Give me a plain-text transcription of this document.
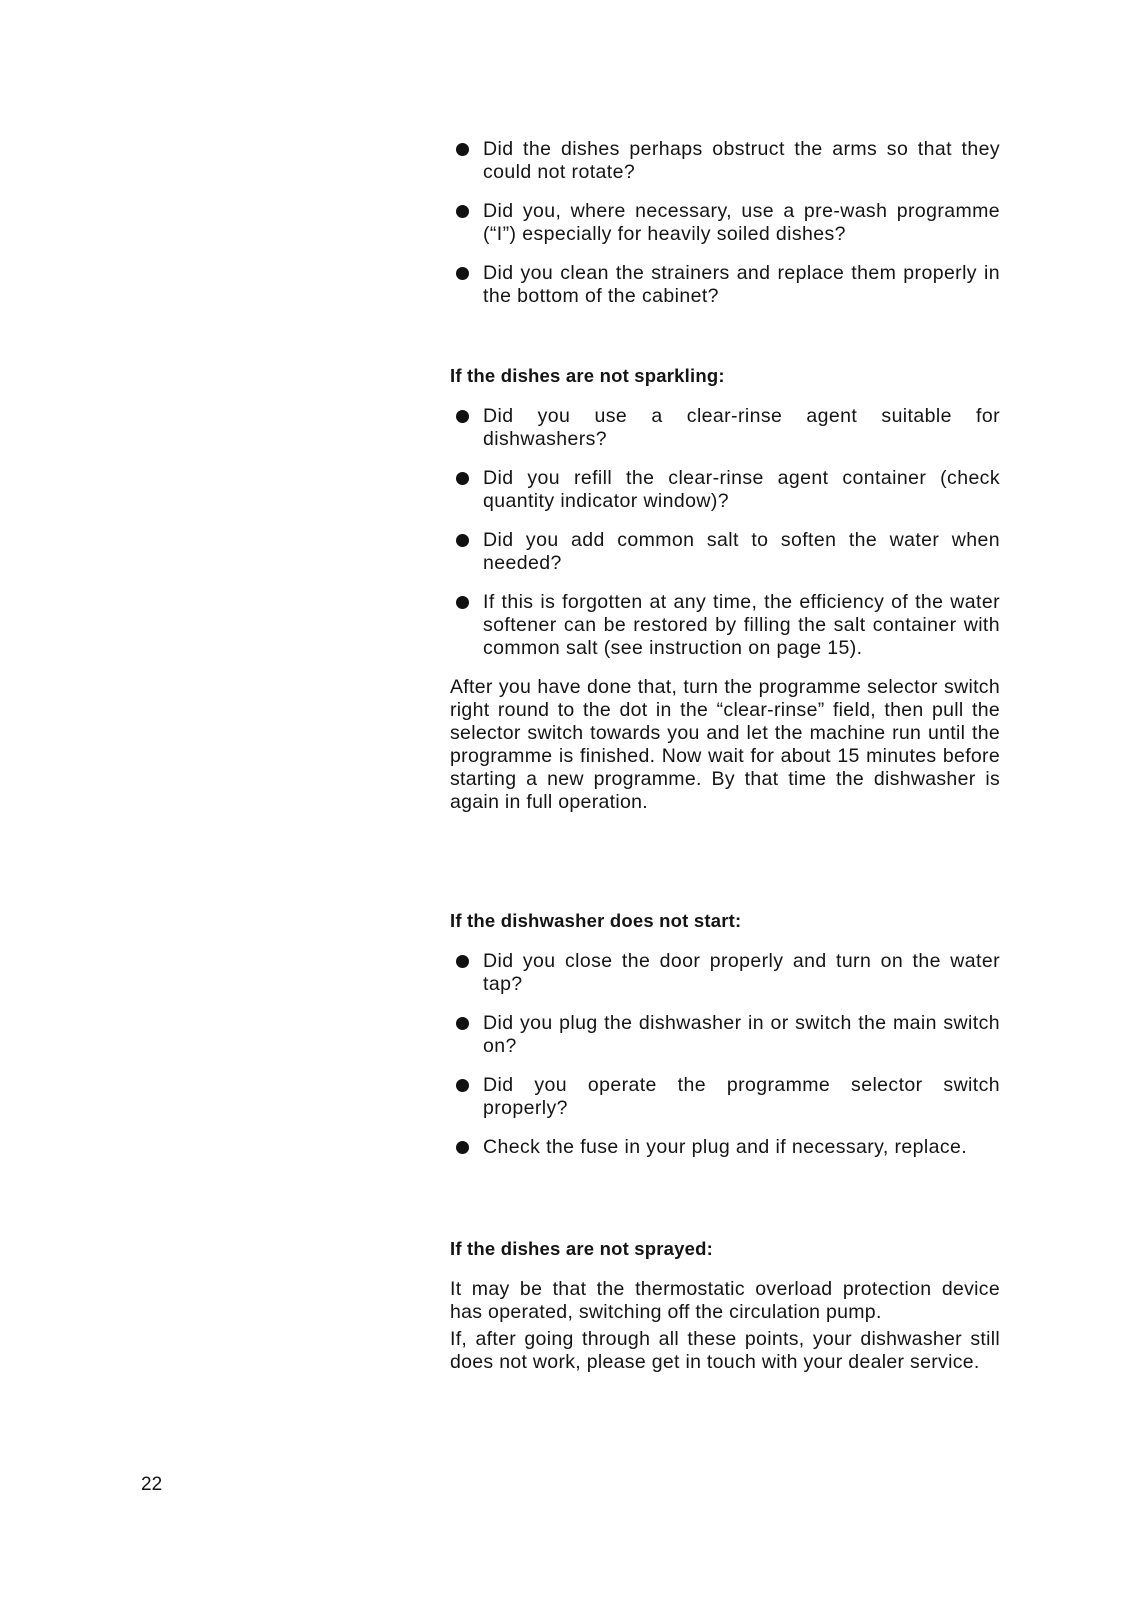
Did the dishes perhaps obstruct the arms so that they could not rotate?
Did you, where necessary, use a pre-wash programme (“I”) especially for heavily soiled dishes?
Did you clean the strainers and replace them properly in the bottom of the cabinet?
If the dishes are not sparkling:
Did you use a clear-rinse agent suitable for dishwashers?
Did you refill the clear-rinse agent container (check quantity indicator window)?
Did you add common salt to soften the water when needed?
If this is forgotten at any time, the efficiency of the water softener can be restored by filling the salt container with common salt (see instruction on page 15).

After you have done that, turn the programme selector switch right round to the dot in the “clear-rinse” field, then pull the selector switch towards you and let the machine run until the programme is finished. Now wait for about 15 minutes before starting a new programme. By that time the dishwasher is again in full operation.

If the dishwasher does not start:
Did you close the door properly and turn on the water tap?
Did you plug the dishwasher in or switch the main switch on?
Did you operate the programme selector switch properly?
Check the fuse in your plug and if necessary, replace.
If the dishes are not sprayed:

It may be that the thermostatic overload protection device has operated, switching off the circulation pump.

If, after going through all these points, your dishwasher still does not work, please get in touch with your dealer service.

22
